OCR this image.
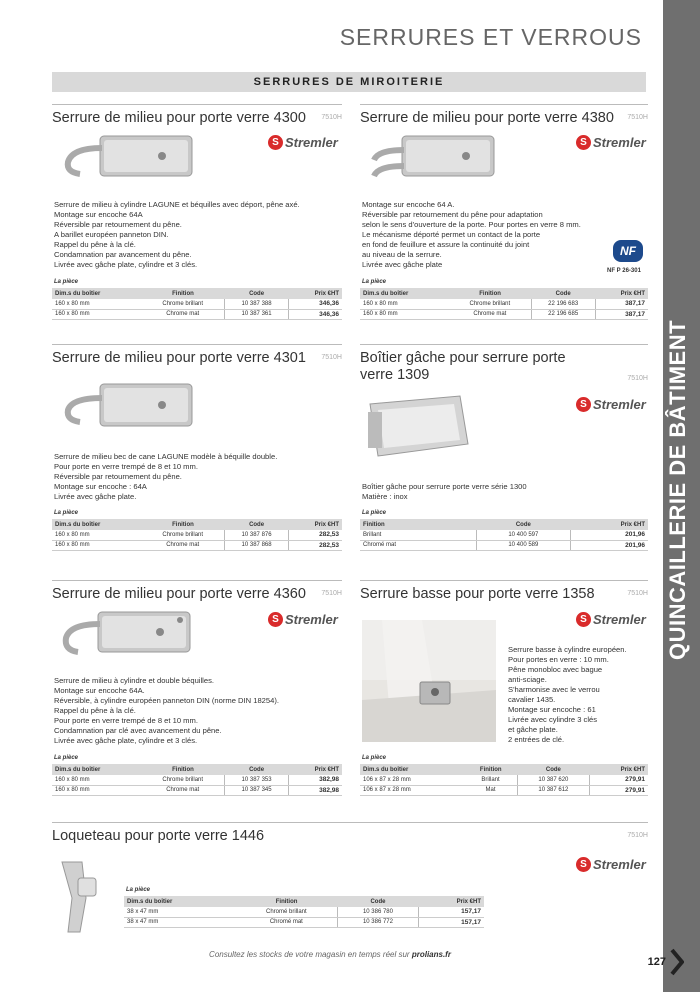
SERRURES ET VERROUS
QUINCAILLERIE DE BÂTIMENT
SERRURES DE MIROITERIE
Serrure de milieu pour porte verre 4300	7510H
S Stremler
Serrure de milieu à cylindre LAGUNE et béquilles avec déport, pêne axé.
Montage sur encoche 64A
Réversible par retournement du pêne.
A barillet européen panneton DIN.
Rappel du pêne à la clé.
Condamnation par avancement du pêne.
Livrée avec gâche plate, cylindre et 3 clés.
La pièce
Dim.s du boîtier	Finition	Code	Prix €HT
160 x 80 mm	Chrome brillant	10 387 388	346,36
160 x 80 mm	Chrome mat	10 387 361	346,36
Serrure de milieu pour porte verre 4380	7510H
S Stremler
Montage sur encoche 64 A.
Réversible par retournement du pêne pour adaptation
selon le sens d'ouverture de la porte. Pour portes en verre 8 mm.
Le mécanisme déporté permet un contact de la porte
en fond de feuillure et assure la continuité du joint
au niveau de la serrure.
Livrée avec gâche plate
NF
NF P 26-301
La pièce
Dim.s du boîtier	Finition	Code	Prix €HT
160 x 80 mm	Chrome brillant	22 196 683	387,17
160 x 80 mm	Chrome mat	22 196 685	387,17
Serrure de milieu pour porte verre 4301	7510H
Serrure de milieu bec de cane LAGUNE modèle à béquille double.
Pour porte en verre trempé de 8 et 10 mm.
Réversible par retournement du pêne.
Montage sur encoche : 64A
Livrée avec gâche plate.
La pièce
Dim.s du boîtier	Finition	Code	Prix €HT
160 x 80 mm	Chrome brillant	10 387 876	282,53
160 x 80 mm	Chrome mat	10 387 868	282,53
Boîtier gâche pour serrure porte verre 1309	7510H
S Stremler
Boîtier gâche pour serrure porte verre série 1300
Matière : inox
La pièce
Finition		Code	Prix €HT
Brillant		10 400 597	201,96
Chromé mat		10 400 589	201,96
Serrure de milieu pour porte verre 4360	7510H
S Stremler
Serrure de milieu à cylindre et double béquilles.
Montage sur encoche 64A.
Réversible, à cylindre européen panneton DIN (norme DIN 18254).
Rappel du pêne à la clé.
Pour porte en verre trempé de 8 et 10 mm.
Condamnation par clé avec avancement du pêne.
Livrée avec gâche plate, cylindre et 3 clés.
La pièce
Dim.s du boîtier	Finition	Code	Prix €HT
160 x 80 mm	Chrome brillant	10 387 353	382,98
160 x 80 mm	Chrome mat	10 387 345	382,98
Serrure basse pour porte verre 1358	7510H
S Stremler
Serrure basse à cylindre européen.
Pour portes en verre : 10 mm.
Pêne monobloc avec bague
anti-sciage.
S'harmonise avec le verrou
cavalier 1435.
Montage sur encoche : 61
Livrée avec cylindre 3 clés
et gâche plate.
2 entrées de clé.
La pièce
Dim.s du boîtier	Finition	Code	Prix €HT
106 x 87 x 28 mm	Brillant	10 387 620	279,91
106 x 87 x 28 mm	Mat	10 387 612	279,91
Loqueteau pour porte verre 1446	7510H
S Stremler
La pièce
Dim.s du boîtier	Finition	Code	Prix €HT
38 x 47 mm	Chromé brillant	10 386 780	157,17
38 x 47 mm	Chromé mat	10 386 772	157,17
Consultez les stocks de votre magasin en temps réel sur prolians.fr
127
